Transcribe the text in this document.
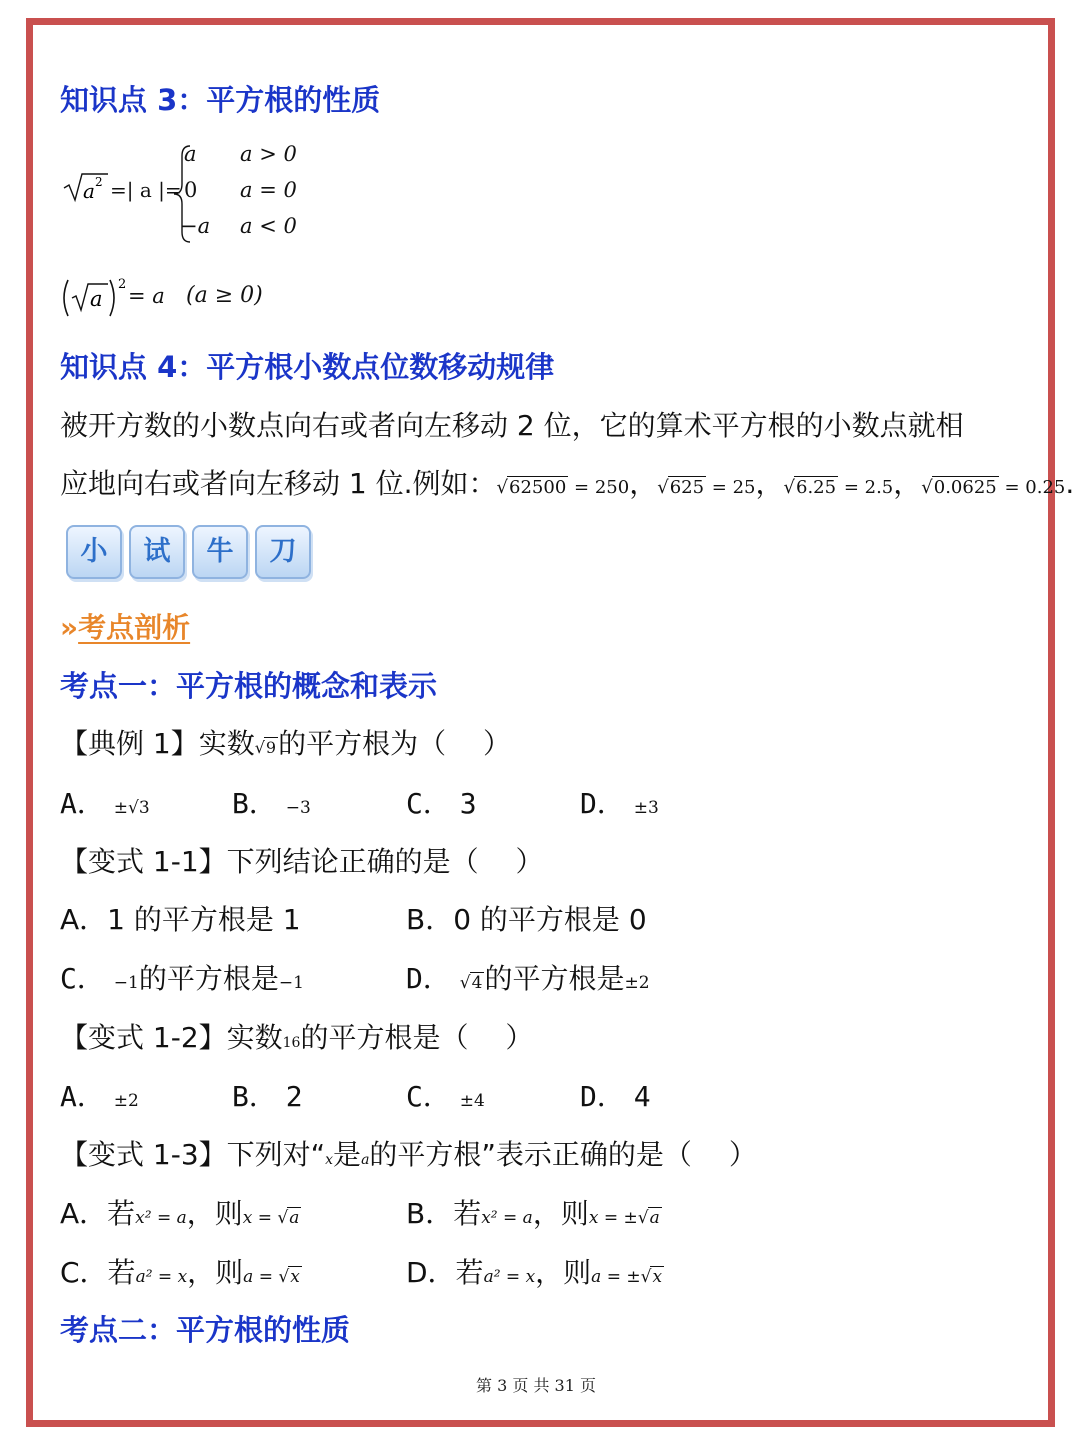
知识点 3：平方根的性质
a 2 =| a |=
a a > 0
0 a = 0
−a a < 0
a
2 = a (a ≥ 0)
知识点 4：平方根小数点位数移动规律
被开方数的小数点向右或者向左移动 2 位，它的算术平方根的小数点就相
应地向右或者向左移动 1 位.例如：√62500 = 250，√625 = 25，√6.25 = 2.5，√0.0625 = 0.25.
小 试 牛 刀
»考点剖析
考点一：平方根的概念和表示
【典例 1】实数√9的平方根为（　 ）
A． ±√3	B． −3	C． 3	D． ±3
【变式 1-1】下列结论正确的是（　 ）
A．1 的平方根是 1	B．0 的平方根是 0
C． −1的平方根是−1	D． √4的平方根是±2
【变式 1-2】实数16的平方根是（　 ）
A． ±2	B． 2	C． ±4	D． 4
【变式 1-3】下列对“x是a的平方根”表示正确的是（　 ）
A．若x² = a，则x = √a	B．若x² = a，则x = ±√a
C．若a² = x，则a = √x	D．若a² = x，则a = ±√x
考点二：平方根的性质
第 3 页 共 31 页
